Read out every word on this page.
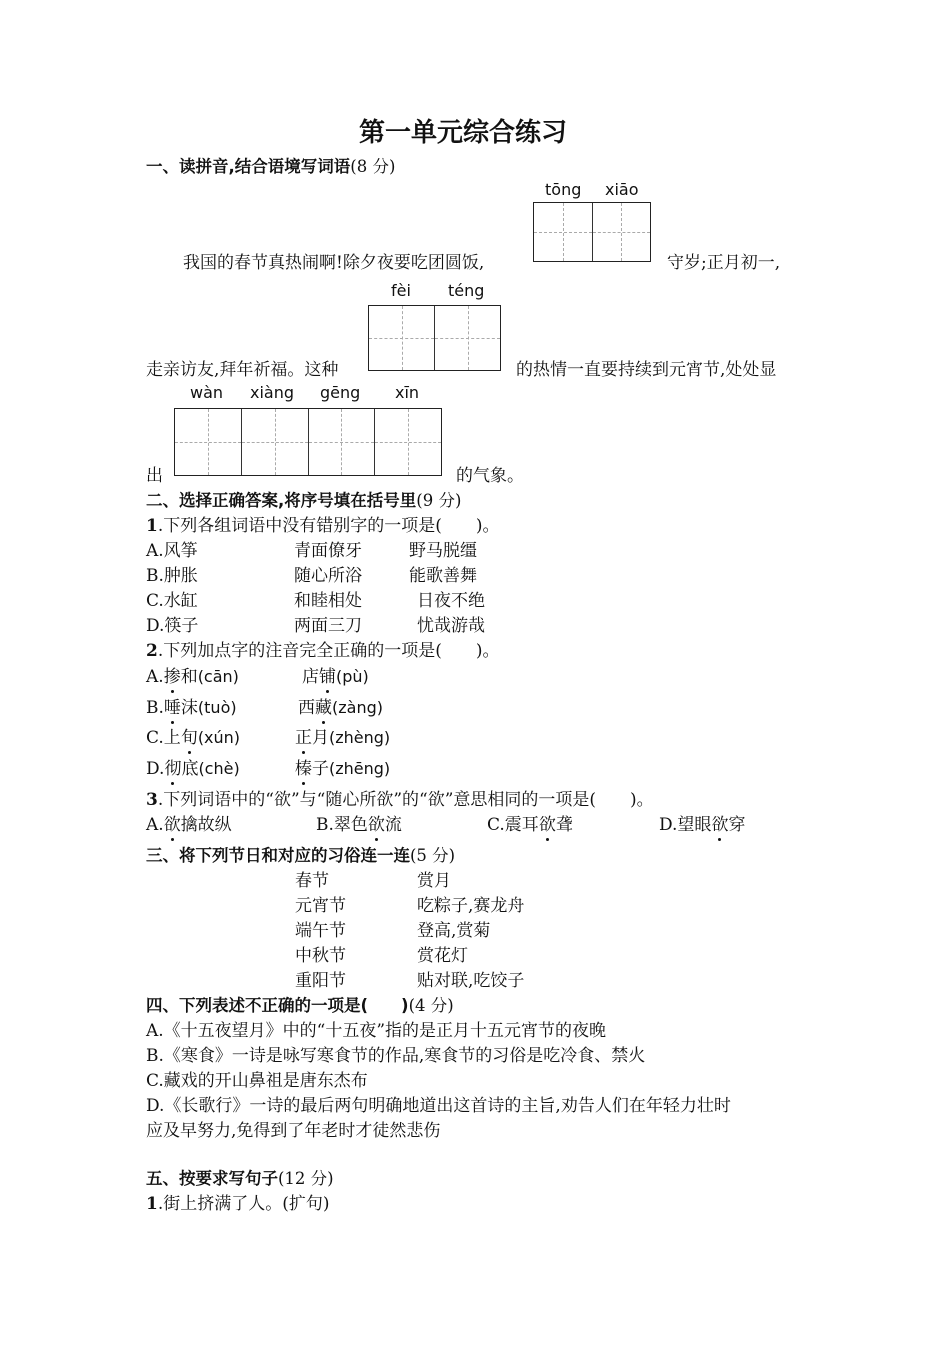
第一单元综合练习
一、读拼音,结合语境写词语(8 分)
tōng xiāo
我国的春节真热闹啊!除夕夜要吃团圆饭,	守岁;正月初一,
fèi téng
走亲访友,拜年祈福。这种	的热情一直要持续到元宵节,处处显
wàn xiàng gēng xīn
出	的气象。
二、选择正确答案,将序号填在括号里(9 分)
1.下列各组词语中没有错别字的一项是(　　)。
A.风筝	青面僚牙	野马脱缰
B.肿胀	随心所浴	能歌善舞
C.水缸	和睦相处	日夜不绝
D.筷子	两面三刀	忧哉游哉
2.下列加点字的注音完全正确的一项是(　　)。
A.掺和(cān)	店铺(pù)
B.唾沫(tuò)	西藏(zàng)
C.上旬(xún)	正月(zhèng)
D.彻底(chè)	榛子(zhēng)
3.下列词语中的“欲”与“随心所欲”的“欲”意思相同的一项是(　　)。
A.欲擒故纵	B.翠色欲流	C.震耳欲聋	D.望眼欲穿
三、将下列节日和对应的习俗连一连(5 分)
春节	赏月
元宵节	吃粽子,赛龙舟
端午节	登高,赏菊
中秋节	赏花灯
重阳节	贴对联,吃饺子
四、下列表述不正确的一项是(　　)(4 分)
A.《十五夜望月》中的“十五夜”指的是正月十五元宵节的夜晚
B.《寒食》一诗是咏写寒食节的作品,寒食节的习俗是吃冷食、禁火
C.藏戏的开山鼻祖是唐东杰布
D.《长歌行》一诗的最后两句明确地道出这首诗的主旨,劝告人们在年轻力壮时
应及早努力,免得到了年老时才徒然悲伤
五、按要求写句子(12 分)
1.街上挤满了人。(扩句)
